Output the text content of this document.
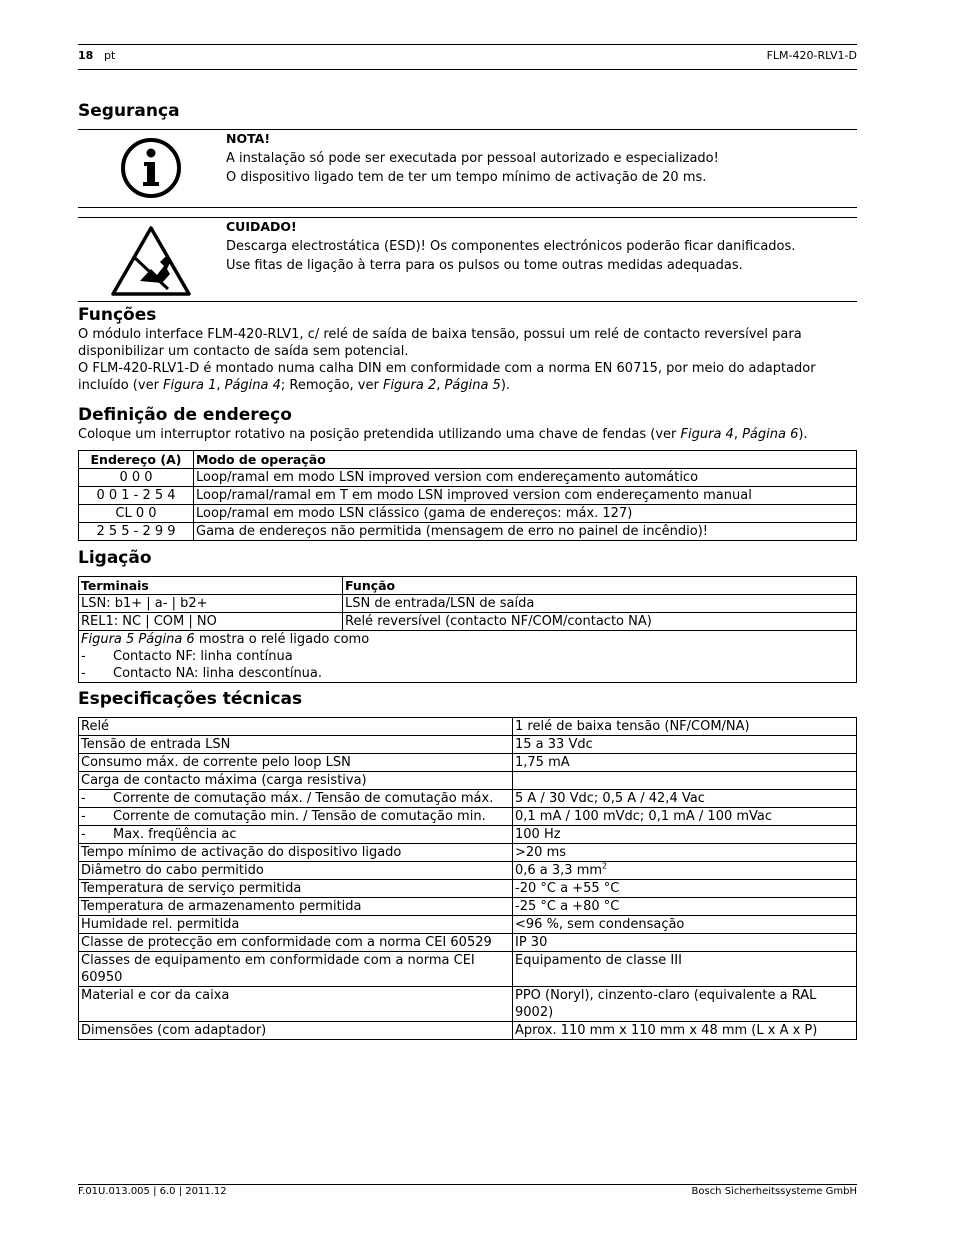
18 pt	FLM-420-RLV1-D
Segurança
NOTA!
A instalação só pode ser executada por pessoal autorizado e especializado!
O dispositivo ligado tem de ter um tempo mínimo de activação de 20 ms.
CUIDADO!
Descarga electrostática (ESD)! Os componentes electrónicos poderão ficar danificados.
Use fitas de ligação à terra para os pulsos ou tome outras medidas adequadas.
Funções

O módulo interface FLM-420-RLV1, c/ relé de saída de baixa tensão, possui um relé de contacto reversível para disponibilizar um contacto de saída sem potencial.

O FLM-420-RLV1-D é montado numa calha DIN em conformidade com a norma EN 60715, por meio do adaptador incluído (ver Figura 1, Página 4; Remoção, ver Figura 2, Página 5).

Definição de endereço

Coloque um interruptor rotativo na posição pretendida utilizando uma chave de fendas (ver Figura 4, Página 6).

Endereço (A)	Modo de operação
0 0 0	Loop/ramal em modo LSN improved version com endereçamento automático
0 0 1 - 2 5 4	Loop/ramal/ramal em T em modo LSN improved version com endereçamento manual
CL 0 0	Loop/ramal em modo LSN clássico (gama de endereços: máx. 127)
2 5 5 - 2 9 9	Gama de endereços não permitida (mensagem de erro no painel de incêndio)!
Ligação
Terminais	Função
LSN: b1+ | a- | b2+	LSN de entrada/LSN de saída
REL1: NC | COM | NO	Relé reversível (contacto NF/COM/contacto NA)

Figura 5 Página 6 mostra o relé ligado como
- Contacto NF: linha contínua
- Contacto NA: linha descontínua.	
Especificações técnicas
Relé	1 relé de baixa tensão (NF/COM/NA)
Tensão de entrada LSN	15 a 33 Vdc
Consumo máx. de corrente pelo loop LSN	1,75 mA
Carga de contacto máxima (carga resistiva)	
- Corrente de comutação máx. / Tensão de comutação máx.	5 A / 30 Vdc; 0,5 A / 42,4 Vac
- Corrente de comutação min. / Tensão de comutação min.	0,1 mA / 100 mVdc; 0,1 mA / 100 mVac
- Max. freqüência ac	100 Hz
Tempo mínimo de activação do dispositivo ligado	>20 ms
Diâmetro do cabo permitido	0,6 a 3,3 $mm^2$
Temperatura de serviço permitida	-20 °C a +55 °C
Temperatura de armazenamento permitida	-25 °C a +80 °C
Humidade rel. permitida	<96 %, sem condensação
Classe de protecção em conformidade com a norma CEI 60529	IP 30
Classes de equipamento em conformidade com a norma CEI 60950	Equipamento de classe III
Material e cor da caixa	PPO (Noryl), cinzento-claro (equivalente a RAL 9002)
Dimensões (com adaptador)	Aprox. 110 mm x 110 mm x 48 mm (L x A x P)
F.01U.013.005 | 6.0 | 2011.12	Bosch Sicherheitssysteme GmbH
